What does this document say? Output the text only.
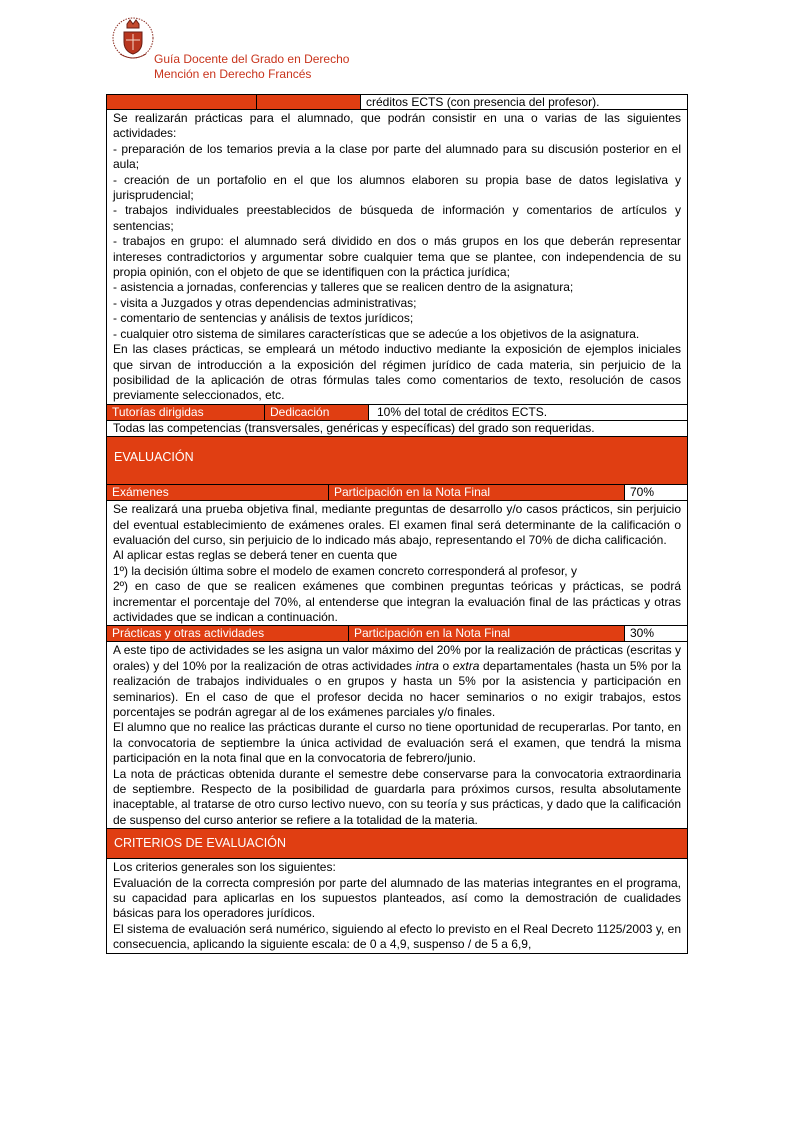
Guía Docente del Grado en Derecho
Mención en Derecho Francés
créditos ECTS (con presencia del profesor).

Se realizarán prácticas para el alumnado, que podrán consistir en una o varias de las siguientes actividades:

- preparación de los temarios previa a la clase por parte del alumnado para su discusión posterior en el aula;

- creación de un portafolio en el que los alumnos elaboren su propia base de datos legislativa y jurisprudencial;

- trabajos individuales preestablecidos de búsqueda de información y comentarios de artículos y sentencias;

- trabajos en grupo: el alumnado será dividido en dos o más grupos en los que deberán representar intereses contradictorios y argumentar sobre cualquier tema que se plantee, con independencia de su propia opinión, con el objeto de que se identifiquen con la práctica jurídica;

- asistencia a jornadas, conferencias y talleres que se realicen dentro de la asignatura;

- visita a Juzgados y otras dependencias administrativas;

- comentario de sentencias y análisis de textos jurídicos;

- cualquier otro sistema de similares características que se adecúe a los objetivos de la asignatura.

En las clases prácticas, se empleará un método inductivo mediante la exposición de ejemplos iniciales que sirvan de introducción a la exposición del régimen jurídico de cada materia, sin perjuicio de la posibilidad de la aplicación de otras fórmulas tales como comentarios de texto, resolución de casos previamente seleccionados, etc.

Tutorías dirigidas	Dedicación	10% del total de créditos ECTS.

Todas las competencias (transversales, genéricas y específicas) del grado son requeridas.

EVALUACIÓN
Exámenes	Participación en la Nota Final	70%

Se realizará una prueba objetiva final, mediante preguntas de desarrollo y/o casos prácticos, sin perjuicio del eventual establecimiento de exámenes orales. El examen final será determinante de la calificación o evaluación del curso, sin perjuicio de lo indicado más abajo, representando el 70% de dicha calificación.

Al aplicar estas reglas se deberá tener en cuenta que

1º) la decisión última sobre el modelo de examen concreto corresponderá al profesor, y

2º) en caso de que se realicen exámenes que combinen preguntas teóricas y prácticas, se podrá incrementar el porcentaje del 70%, al entenderse que integran la evaluación final de las prácticas y otras actividades que se indican a continuación.

Prácticas y otras actividades	Participación en la Nota Final	30%

A este tipo de actividades se les asigna un valor máximo del 20% por la realización de prácticas (escritas y orales) y del 10% por la realización de otras actividades intra o extra departamentales (hasta un 5% por la realización de trabajos individuales o en grupos y hasta un 5% por la asistencia y participación en seminarios). En el caso de que el profesor decida no hacer seminarios o no exigir trabajos, estos porcentajes se podrán agregar al de los exámenes parciales y/o finales.

El alumno que no realice las prácticas durante el curso no tiene oportunidad de recuperarlas. Por tanto, en la convocatoria de septiembre la única actividad de evaluación será el examen, que tendrá la misma participación en la nota final que en la convocatoria de febrero/junio.

La nota de prácticas obtenida durante el semestre debe conservarse para la convocatoria extraordinaria de septiembre. Respecto de la posibilidad de guardarla para próximos cursos, resulta absolutamente inaceptable, al tratarse de otro curso lectivo nuevo, con su teoría y sus prácticas, y dado que la calificación de suspenso del curso anterior se refiere a la totalidad de la materia.

CRITERIOS DE EVALUACIÓN

Los criterios generales son los siguientes:

Evaluación de la correcta compresión por parte del alumnado de las materias integrantes en el programa, su capacidad para aplicarlas en los supuestos planteados, así como la demostración de cualidades básicas para los operadores jurídicos.

El sistema de evaluación será numérico, siguiendo al efecto lo previsto en el Real Decreto 1125/2003 y, en consecuencia, aplicando la siguiente escala: de 0 a 4,9, suspenso / de 5 a 6,9,
